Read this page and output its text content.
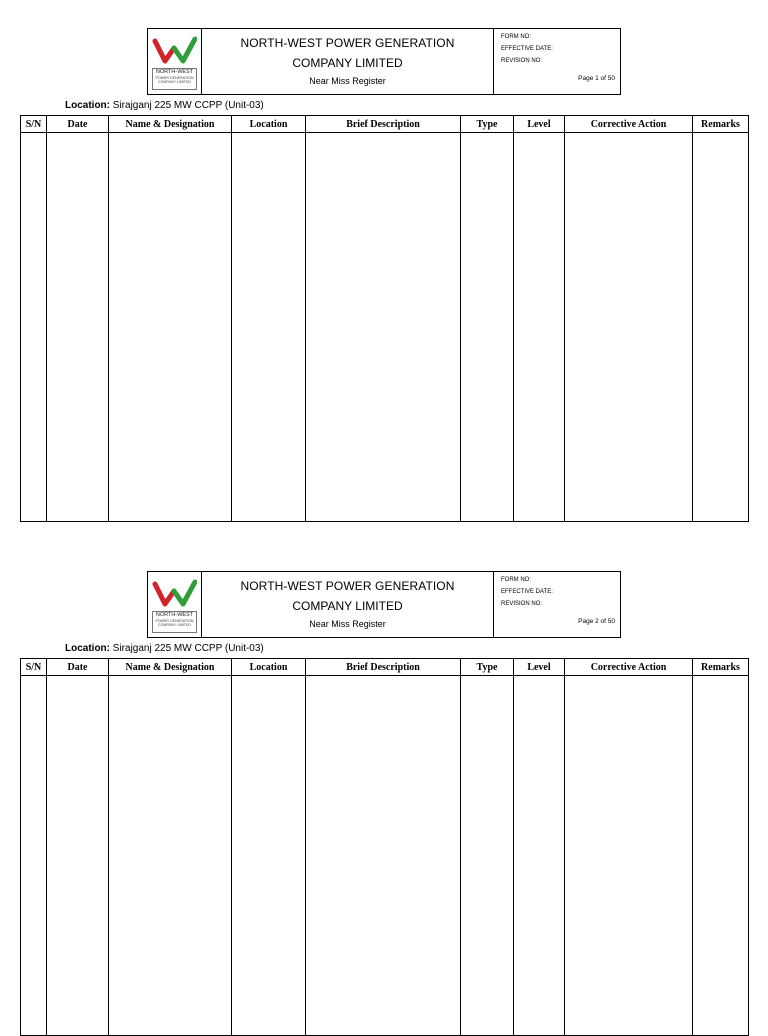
NORTH-WEST
POWER GENERATION
COMPANY LIMITED
NORTH-WEST POWER GENERATION
COMPANY LIMITED
Near Miss Register
FORM NO:
EFFECTIVE DATE:
REVISION NO:
Page 1 of 50
Location: Sirajganj 225 MW CCPP (Unit-03)
S/N	Date	Name & Designation	Location	Brief Description	Type	Level	Corrective Action	Remarks

NORTH-WEST
POWER GENERATION
COMPANY LIMITED
NORTH-WEST POWER GENERATION
COMPANY LIMITED
Near Miss Register
FORM NO:
EFFECTIVE DATE:
REVISION NO:
Page 2 of 50
Location: Sirajganj 225 MW CCPP (Unit-03)
S/N	Date	Name & Designation	Location	Brief Description	Type	Level	Corrective Action	Remarks
